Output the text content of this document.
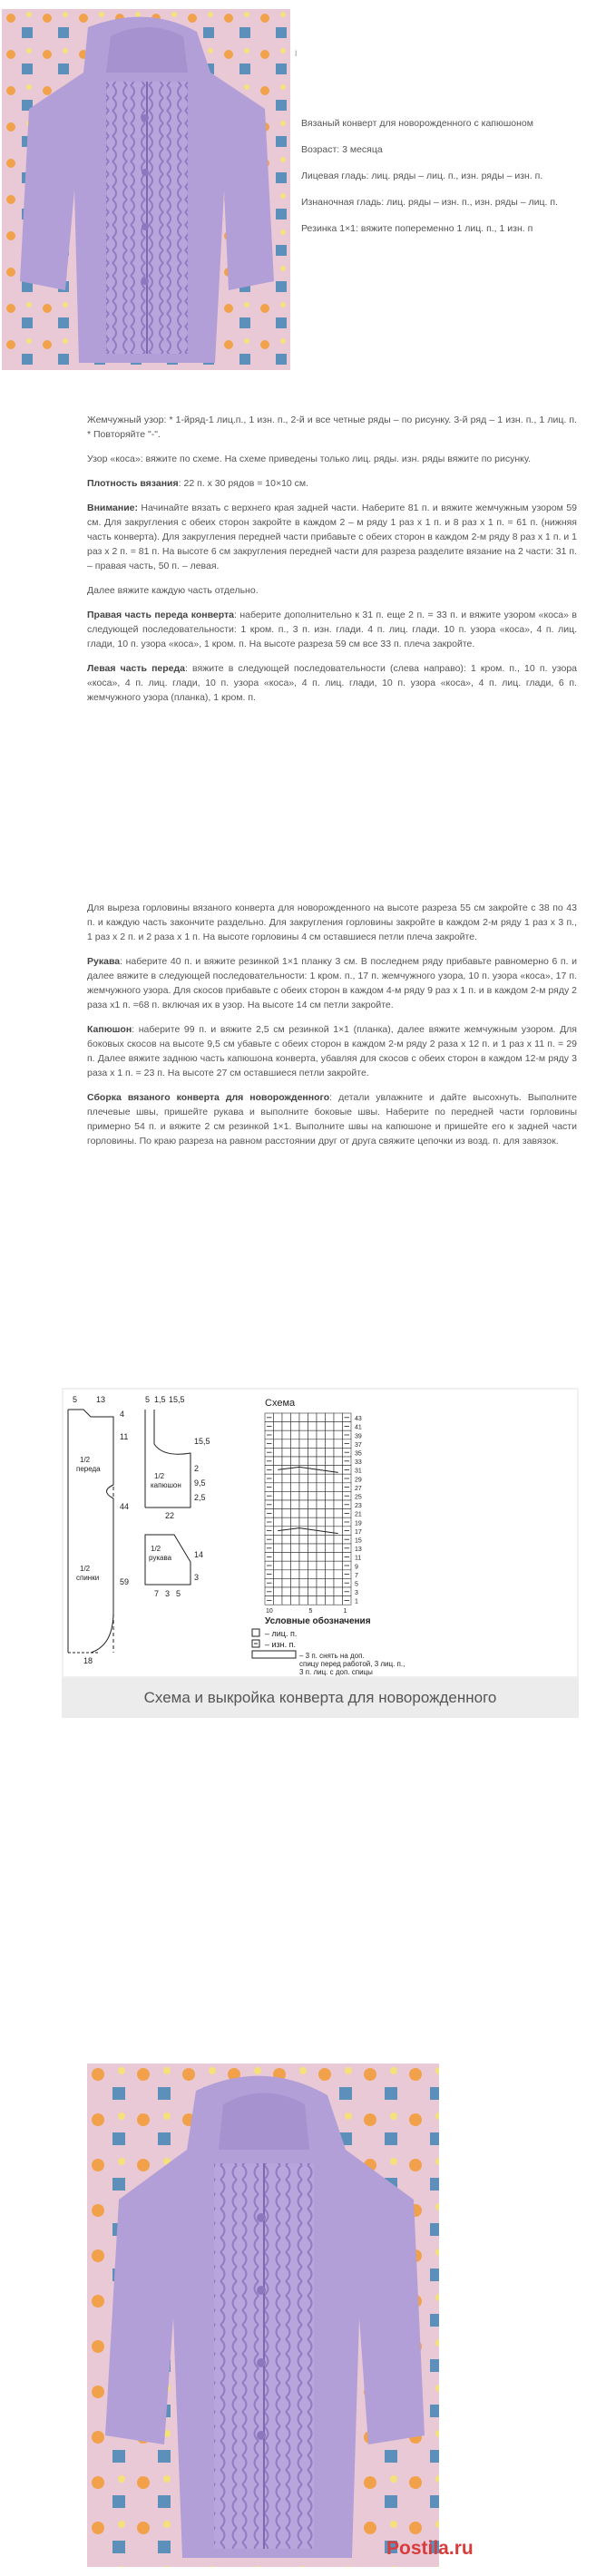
ǀ

Вязаный конверт для новорожденного с капюшоном

Возраст: 3 месяца

Лицевая гладь: лиц. ряды – лиц. п., изн. ряды – изн. п.

Изнаночная гладь: лиц. ряды – изн. п., изн. ряды – лиц. п.

Резинка 1×1: вяжите попеременно 1 лиц. п., 1 изн. п

Жемчужный узор: * 1-йряд-1 лиц.п., 1 изн. п., 2-й и все четные ряды – по рисунку. 3-й ряд – 1 изн. п., 1 лиц. п. * Повторяйте "-".

Узор «коса»: вяжите по схеме. На схеме приведены только лиц. ряды. изн. ряды вяжите по рисунку.

Плотность вязания: 22 п. х 30 рядов = 10×10 см.

Внимание: Начинайте вязать с верхнего края задней части. Наберите 81 п. и вяжите жемчужным узором 59 см. Для закругления с обеих сторон закройте в каждом 2 – м ряду 1 раз х 1 п. и 8 раз х 1 п. = 61 п. (нижняя часть конверта). Для закругления передней части прибавьте с обеих сторон в каждом 2-м ряду 8 раз х 1 п. и 1 раз х 2 п. = 81 п. На высоте 6 см закругления передней части для разреза разделите вязание на 2 части: 31 п. – правая часть, 50 п. – левая.

Далее вяжите каждую часть отдельно.

Правая часть переда конверта: наберите дополнительно к 31 п. еще 2 п. = 33 п. и вяжите узором «коса» в следующей последовательности: 1 кром. п., 3 п. изн. глади. 4 п. лиц. глади. 10 п. узора «коса», 4 п. лиц. глади, 10 п. узора «коса», 1 кром. п. На высоте разреза 59 см все 33 п. плеча закройте.

Левая часть переда: вяжите в следующей последовательности (слева направо): 1 кром. п., 10 п. узора «коса», 4 п. лиц. глади, 10 п. узора «коса», 4 п. лиц. глади, 10 п. узора «коса», 4 п. лиц. глади, 6 п. жемчужного узора (планка), 1 кром. п.

Для выреза горловины вязаного конверта для новорожденного на высоте разреза 55 см закройте с 38 по 43 п. и каждую часть закончите раздельно. Для закругления горловины закройте в каждом 2-м ряду 1 раз х 3 п., 1 раз х 2 п. и 2 раза х 1 п. На высоте горловины 4 см оставшиеся петли плеча закройте.

Рукава: наберите 40 п. и вяжите резинкой 1×1 планку 3 см. В последнем ряду прибавьте равномерно 6 п. и далее вяжите в следующей последовательности: 1 кром. п., 17 п. жемчужного узора, 10 п. узора «коса», 17 п. жемчужного узора. Для скосов прибавьте с обеих сторон в каждом 4-м ряду 9 раз х 1 п. и в каждом 2-м ряду 2 раза х1 п. =68 п. включая их в узор. На высоте 14 см петли закройте.

Капюшон: наберите 99 п. и вяжите 2,5 см резинкой 1×1 (планка), далее вяжите жемчужным узором. Для боковых скосов на высоте 9,5 см убавьте с обеих сторон в каждом 2-м ряду 2 раза х 12 п. и 1 раз х 11 п. = 29 п. Далее вяжите заднюю часть капюшона конверта, убавляя для скосов с обеих сторон в каждом 12-м ряду 3 раза х 1 п. = 23 п. На высоте 27 см оставшиеся петли закройте.

Сборка вязаного конверта для новорожденного: детали увлажните и дайте высохнуть. Выполните плечевые швы, пришейте рукава и выполните боковые швы. Наберите по передней части горловины примерно 54 п. и вяжите 2 см резинкой 1×1. Выполните швы на капюшоне и пришейте его к задней части горловины. По краю разреза на равном расстоянии друг от друга свяжите цепочки из возд. п. для завязок.

5 13
4
11
44
59
18
1/2
переда
1/2
спинки
5 1,5 15,5
15,5
2
9,5
2,5
22
1/2
капюшон
14
3
7 3 5
1/2
рукава
Схема
43
41
39
37
35
33
31
29
27
25
23
21
19
17
15
13
11
9
7
5
3
1
10	5	1
Условные обозначения
– лиц. п.
– изн. п.
– 3 п. снять на доп.
спицу перед работой, 3 лиц. п.,
3 п. лиц. с доп. спицы
Схема и выкройка конверта для новорожденного
Postila.ru
